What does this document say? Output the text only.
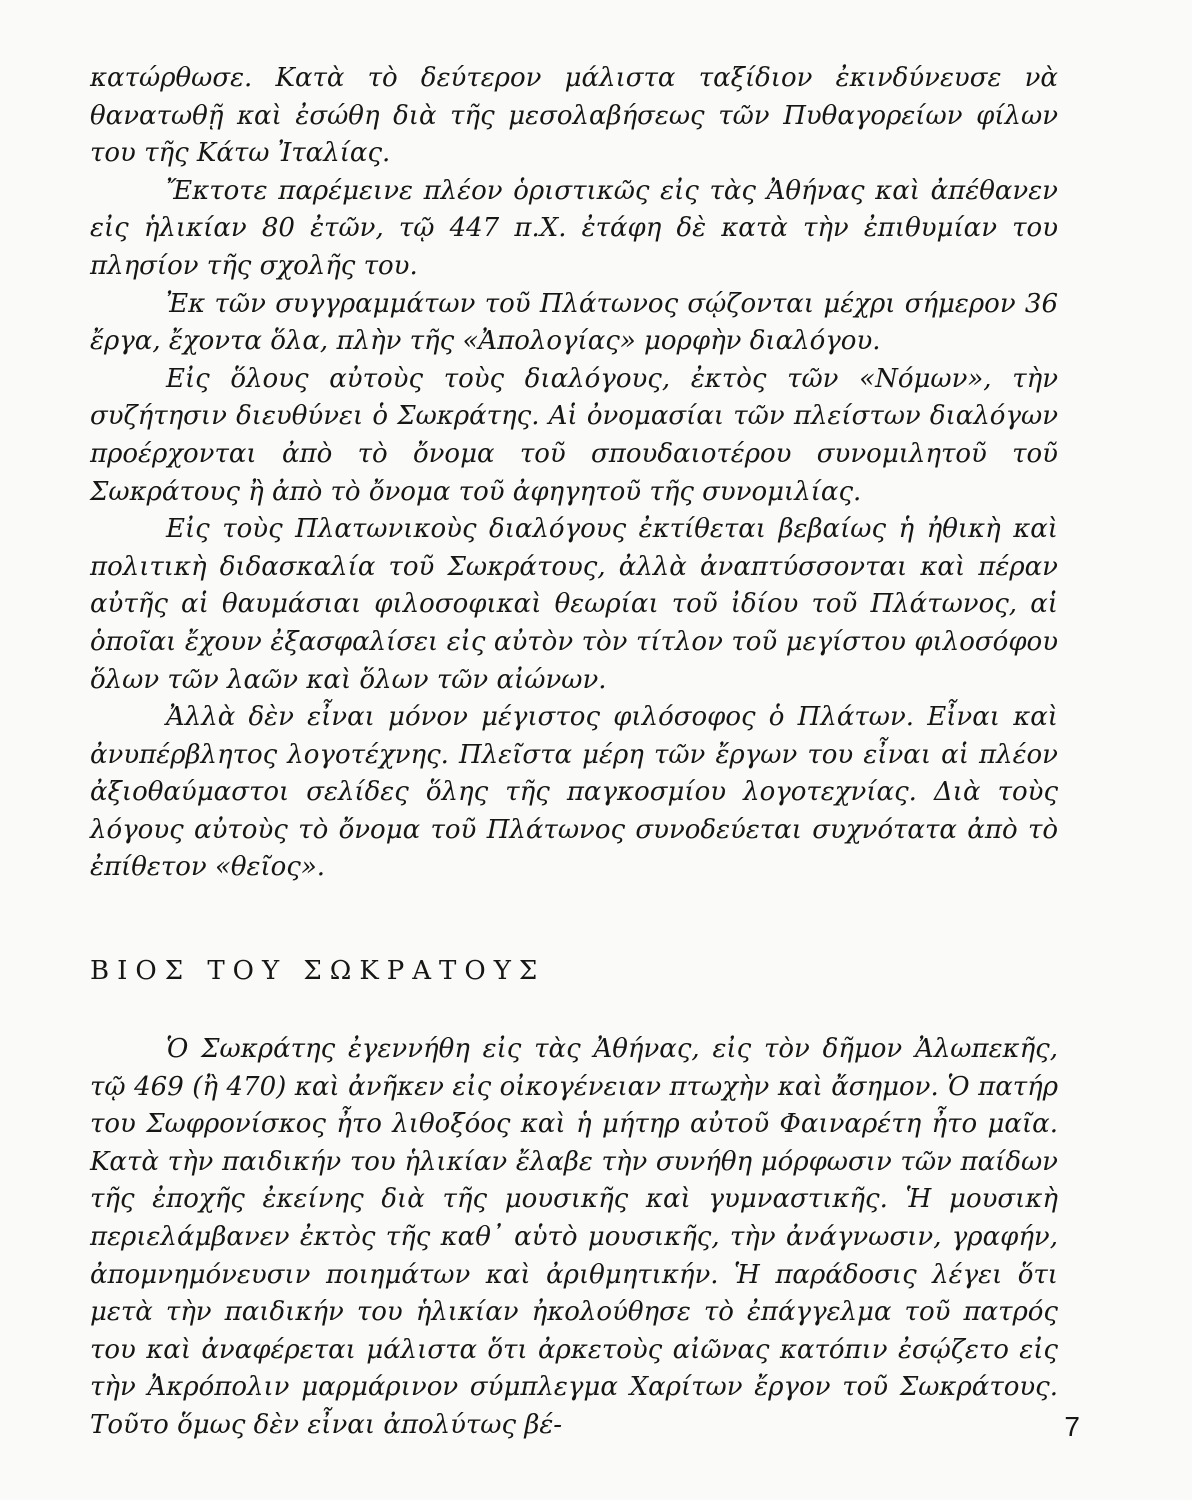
κατώρθωσε. Κατὰ τὸ δεύτερον μάλιστα ταξίδιον ἐκινδύνευσε νὰ θανατωθῇ καὶ ἐσώθη διὰ τῆς μεσολαβήσεως τῶν Πυθαγορείων φίλων του τῆς Κάτω Ἰταλίας.

Ἔκτοτε παρέμεινε πλέον ὁριστικῶς εἰς τὰς Ἀθήνας καὶ ἀπέθανεν εἰς ἡλικίαν 80 ἐτῶν, τῷ 447 π.Χ. ἐτάφη δὲ κατὰ τὴν ἐπιθυμίαν του πλησίον τῆς σχολῆς του.

Ἐκ τῶν συγγραμμάτων τοῦ Πλάτωνος σῴζονται μέχρι σήμερον 36 ἔργα, ἔχοντα ὅλα, πλὴν τῆς «Ἀπολογίας» μορφὴν διαλόγου.

Εἰς ὅλους αὐτοὺς τοὺς διαλόγους, ἐκτὸς τῶν «Νόμων», τὴν συζήτησιν διευθύνει ὁ Σωκράτης. Αἱ ὀνομασίαι τῶν πλείστων διαλόγων προέρχονται ἀπὸ τὸ ὄνομα τοῦ σπουδαιοτέρου συνομιλητοῦ τοῦ Σωκράτους ἢ ἀπὸ τὸ ὄνομα τοῦ ἀφηγητοῦ τῆς συνομιλίας.

Εἰς τοὺς Πλατωνικοὺς διαλόγους ἐκτίθεται βεβαίως ἡ ἠθικὴ καὶ πολιτικὴ διδασκαλία τοῦ Σωκράτους, ἀλλὰ ἀναπτύσσονται καὶ πέραν αὐτῆς αἱ θαυμάσιαι φιλοσοφικαὶ θεωρίαι τοῦ ἰδίου τοῦ Πλάτωνος, αἱ ὁποῖαι ἔχουν ἐξασφαλίσει εἰς αὐτὸν τὸν τίτλον τοῦ μεγίστου φιλοσόφου ὅλων τῶν λαῶν καὶ ὅλων τῶν αἰώνων.

Ἀλλὰ δὲν εἶναι μόνον μέγιστος φιλόσοφος ὁ Πλάτων. Εἶναι καὶ ἀνυπέρβλητος λογοτέχνης. Πλεῖστα μέρη τῶν ἔργων του εἶναι αἱ πλέον ἀξιοθαύμαστοι σελίδες ὅλης τῆς παγκοσμίου λογοτεχνίας. Διὰ τοὺς λόγους αὐτοὺς τὸ ὄνομα τοῦ Πλάτωνος συνοδεύεται συχνότατα ἀπὸ τὸ ἐπίθετον «θεῖος».

ΒΙΟΣ ΤΟΥ ΣΩΚΡΑΤΟΥΣ

Ὁ Σωκράτης ἐγεννήθη εἰς τὰς Ἀθήνας, εἰς τὸν δῆμον Ἀλωπεκῆς, τῷ 469 (ἢ 470) καὶ ἀνῆκεν εἰς οἰκογένειαν πτωχὴν καὶ ἄσημον. Ὁ πατήρ του Σωφρονίσκος ἦτο λιθοξόος καὶ ἡ μήτηρ αὐτοῦ Φαιναρέτη ἦτο μαῖα. Κατὰ τὴν παιδικήν του ἡλικίαν ἔλαβε τὴν συνήθη μόρφωσιν τῶν παίδων τῆς ἐποχῆς ἐκείνης διὰ τῆς μουσικῆς καὶ γυμναστικῆς. Ἡ μουσικὴ περιελάμβανεν ἐκτὸς τῆς καθ᾽ αὑτὸ μουσικῆς, τὴν ἀνάγνωσιν, γραφήν, ἀπομνημόνευσιν ποιημάτων καὶ ἀριθμητικήν. Ἡ παράδοσις λέγει ὅτι μετὰ τὴν παιδικήν του ἡλικίαν ἠκολούθησε τὸ ἐπάγγελμα τοῦ πατρός του καὶ ἀναφέρεται μάλιστα ὅτι ἀρκετοὺς αἰῶνας κατόπιν ἐσῴζετο εἰς τὴν Ἀκρόπολιν μαρμάρινον σύμπλεγμα Χαρίτων ἔργον τοῦ Σωκράτους. Τοῦτο ὅμως δὲν εἶναι ἀπολύτως βέ-	7
